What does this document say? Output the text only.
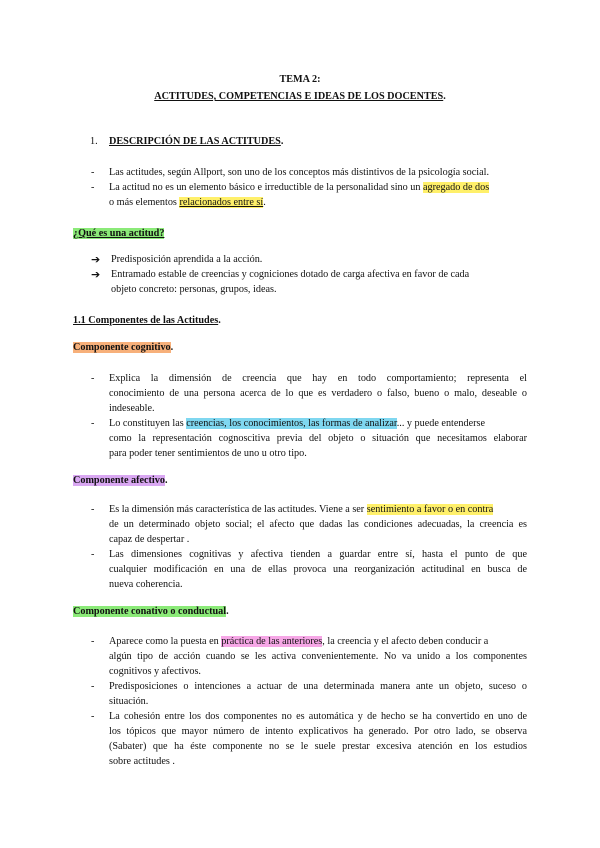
TEMA 2:
ACTITUDES, COMPETENCIAS E IDEAS DE LOS DOCENTES.
1. DESCRIPCIÓN DE LAS ACTITUDES.
- Las actitudes, según Allport, son uno de los conceptos más distintivos de la psicología social.
- La actitud no es un elemento básico e irreductible de la personalidad sino un agregado de dos
o más elementos relacionados entre sí.
¿Qué es una actitud?
➔ Predisposición aprendida a la acción.
➔ Entramado estable de creencias y cogniciones dotado de carga afectiva en favor de cada
objeto concreto: personas, grupos, ideas.
1.1 Componentes de las Actitudes.
Componente cognitivo.
- Explica la dimensión de creencia que hay en todo comportamiento; representa el
conocimiento de una persona acerca de lo que es verdadero o falso, bueno o malo, deseable o
indeseable.
- Lo constituyen las creencias, los conocimientos, las formas de analizar... y puede entenderse
como la representación cognoscitiva previa del objeto o situación que necesitamos elaborar
para poder tener sentimientos de uno u otro tipo.
Componente afectivo.
- Es la dimensión más característica de las actitudes. Viene a ser sentimiento a favor o en contra
de un determinado objeto social; el afecto que dadas las condiciones adecuadas, la creencia es
capaz de despertar .
- Las dimensiones cognitivas y afectiva tienden a guardar entre sí, hasta el punto de que
cualquier modificación en una de ellas provoca una reorganización actitudinal en busca de
nueva coherencia.
Componente conativo o conductual.
- Aparece como la puesta en práctica de las anteriores, la creencia y el afecto deben conducir a
algún tipo de acción cuando se les activa convenientemente. No va unido a los componentes
cognitivos y afectivos.
- Predisposiciones o intenciones a actuar de una determinada manera ante un objeto, suceso o
situación.
- La cohesión entre los dos componentes no es automática y de hecho se ha convertido en uno de
los tópicos que mayor número de intento explicativos ha generado. Por otro lado, se observa
(Sabater) que ha éste componente no se le suele prestar excesiva atención en los estudios
sobre actitudes .
